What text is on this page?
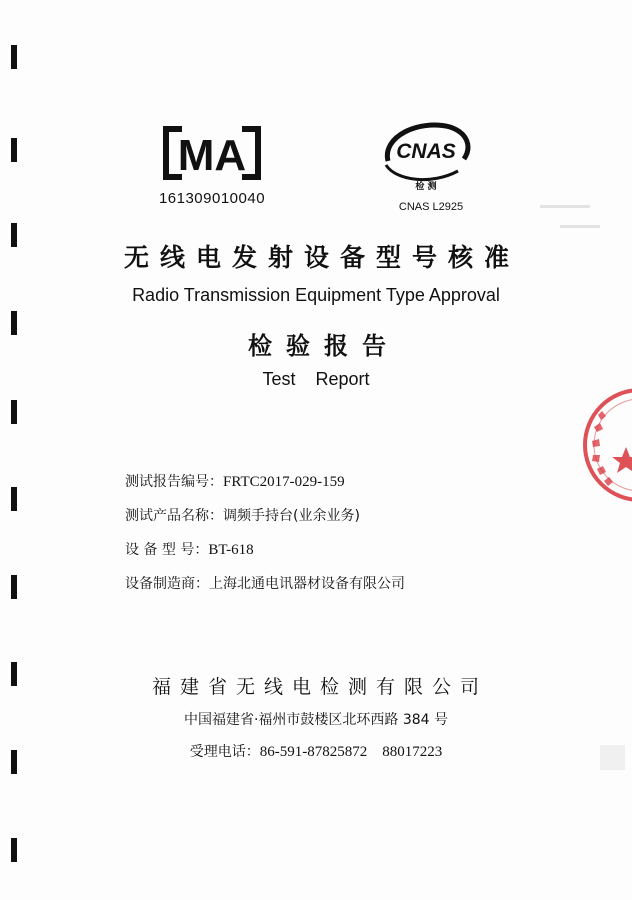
MA
161309010040
CNAS
检 测
CNAS L2925
无线电发射设备型号核准
Radio Transmission Equipment Type Approval
检验报告
Test    Report
测试报告编号：FRTC2017-029-159
测试产品名称：调频手持台(业余业务)
设 备 型 号：BT-618
设备制造商：上海北通电讯器材设备有限公司
福建省无线电检测有限公司
中国福建省·福州市鼓楼区北环西路 384 号
受理电话：86-591-87825872    88017223
